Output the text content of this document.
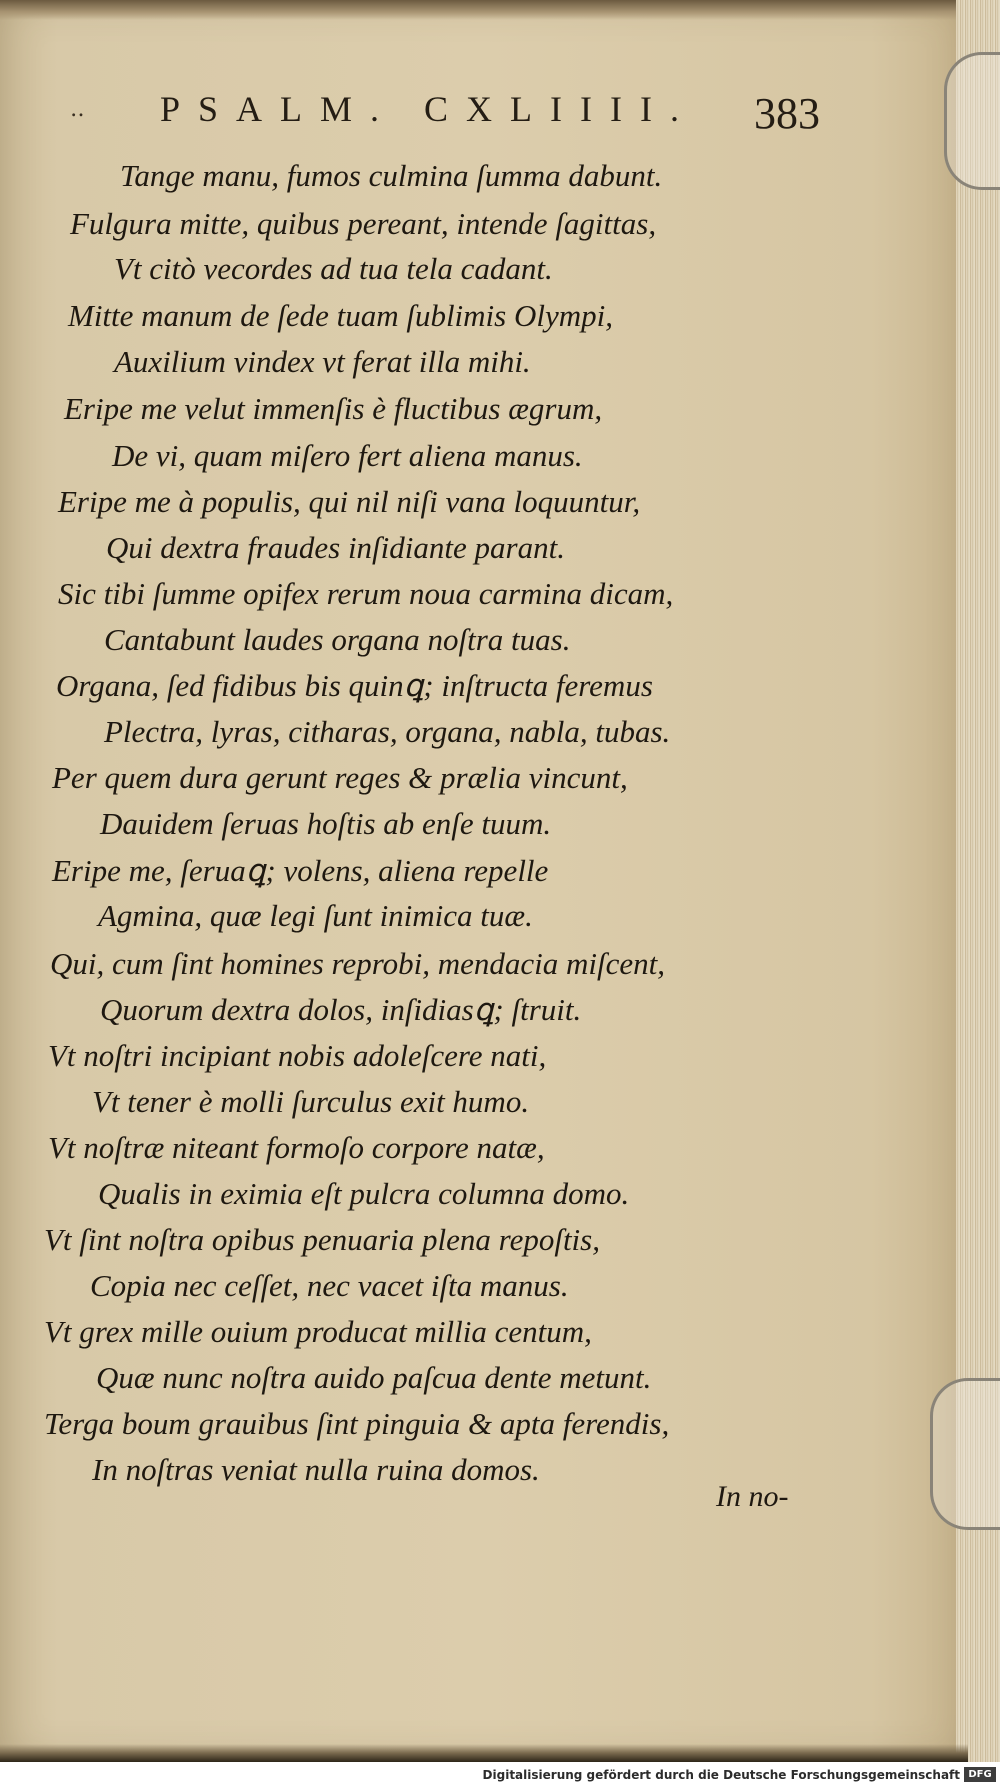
‥ PSALM. CXLIIII.	383
Tange manu, fumos culmina ſumma dabunt.
Fulgura mitte, quibus pereant, intende ſagittas,
Vt citò vecordes ad tua tela cadant.
Mitte manum de ſede tuam ſublimis Olympi,
Auxilium vindex vt ferat illa mihi.
Eripe me velut immenſis è fluctibus ægrum,
De vi, quam miſero fert aliena manus.
Eripe me à populis, qui nil niſi vana loquuntur,
Qui dextra fraudes inſidiante parant.
Sic tibi ſumme opifex rerum noua carmina dicam,
Cantabunt laudes organa noſtra tuas.
Organa, ſed fidibus bis quinꝗ; inſtructa feremus
Plectra, lyras, citharas, organa, nabla, tubas.
Per quem dura gerunt reges & prælia vincunt,
Dauidem ſeruas hoſtis ab enſe tuum.
Eripe me, ſeruaꝗ; volens, aliena repelle
Agmina, quæ legi ſunt inimica tuæ.
Qui, cum ſint homines reprobi, mendacia miſcent,
Quorum dextra dolos, inſidiasꝗ; ſtruit.
Vt noſtri incipiant nobis adoleſcere nati,
Vt tener è molli ſurculus exit humo.
Vt noſtræ niteant formoſo corpore natæ,
Qualis in eximia eſt pulcra columna domo.
Vt ſint noſtra opibus penuaria plena repoſtis,
Copia nec ceſſet, nec vacet iſta manus.
Vt grex mille ouium producat millia centum,
Quæ nunc noſtra auido paſcua dente metunt.
Terga boum grauibus ſint pinguia & apta ferendis,
In noſtras veniat nulla ruina domos.
In no-
Digitalisierung gefördert durch die Deutsche Forschungsgemeinschaft DFG
